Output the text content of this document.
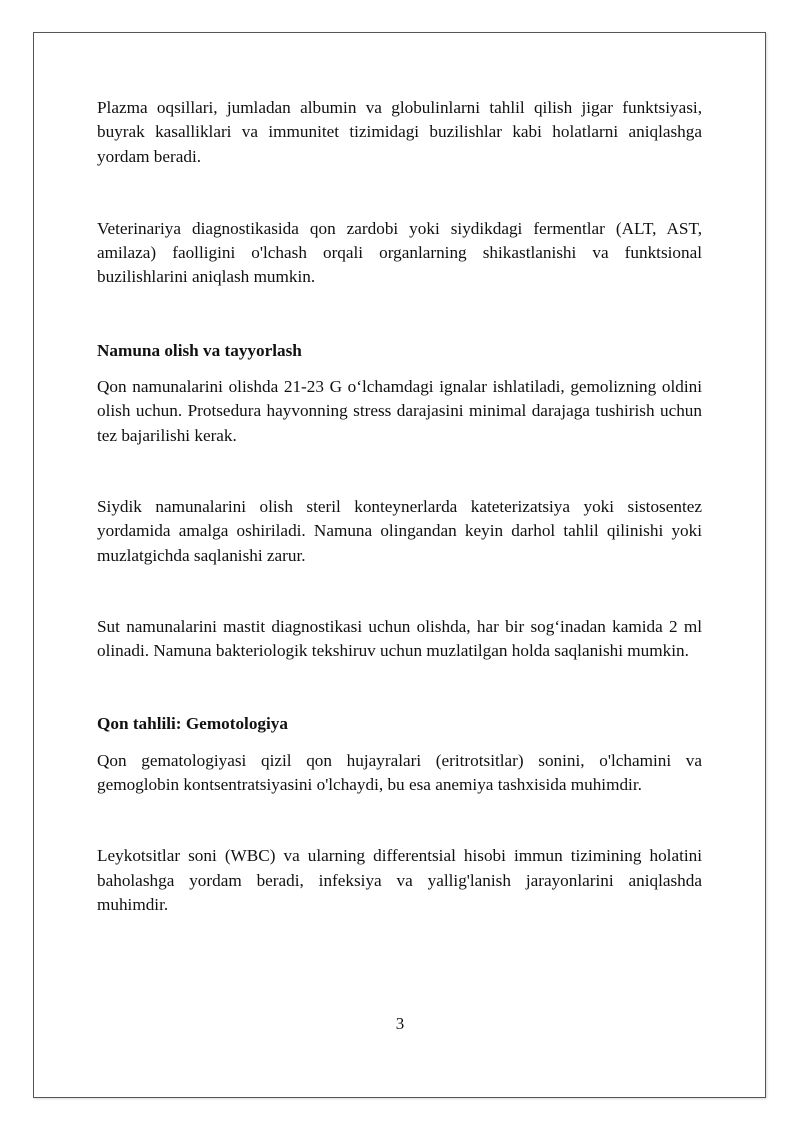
Plazma oqsillari, jumladan albumin va globulinlarni tahlil qilish jigar funktsiyasi, buyrak kasalliklari va immunitet tizimidagi buzilishlar kabi holatlarni aniqlashga yordam beradi.

Veterinariya diagnostikasida qon zardobi yoki siydikdagi fermentlar (ALT, AST, amilaza) faolligini o'lchash orqali organlarning shikastlanishi va funktsional buzilishlarini aniqlash mumkin.

Namuna olish va tayyorlash

Qon namunalarini olishda 21-23 G o‘lchamdagi ignalar ishlatiladi, gemolizning oldini olish uchun. Protsedura hayvonning stress darajasini minimal darajaga tushirish uchun tez bajarilishi kerak.

Siydik namunalarini olish steril konteynerlarda kateterizatsiya yoki sistosentez yordamida amalga oshiriladi. Namuna olingandan keyin darhol tahlil qilinishi yoki muzlatgichda saqlanishi zarur.

Sut namunalarini mastit diagnostikasi uchun olishda, har bir sog‘inadan kamida 2 ml olinadi. Namuna bakteriologik tekshiruv uchun muzlatilgan holda saqlanishi mumkin.

Qon tahlili: Gemotologiya

Qon gematologiyasi qizil qon hujayralari (eritrotsitlar) sonini, o'lchamini va gemoglobin kontsentratsiyasini o'lchaydi, bu esa anemiya tashxisida muhimdir.

Leykotsitlar soni (WBC) va ularning differentsial hisobi immun tizimining holatini baholashga yordam beradi, infeksiya va yallig'lanish jarayonlarini aniqlashda muhimdir.

3
